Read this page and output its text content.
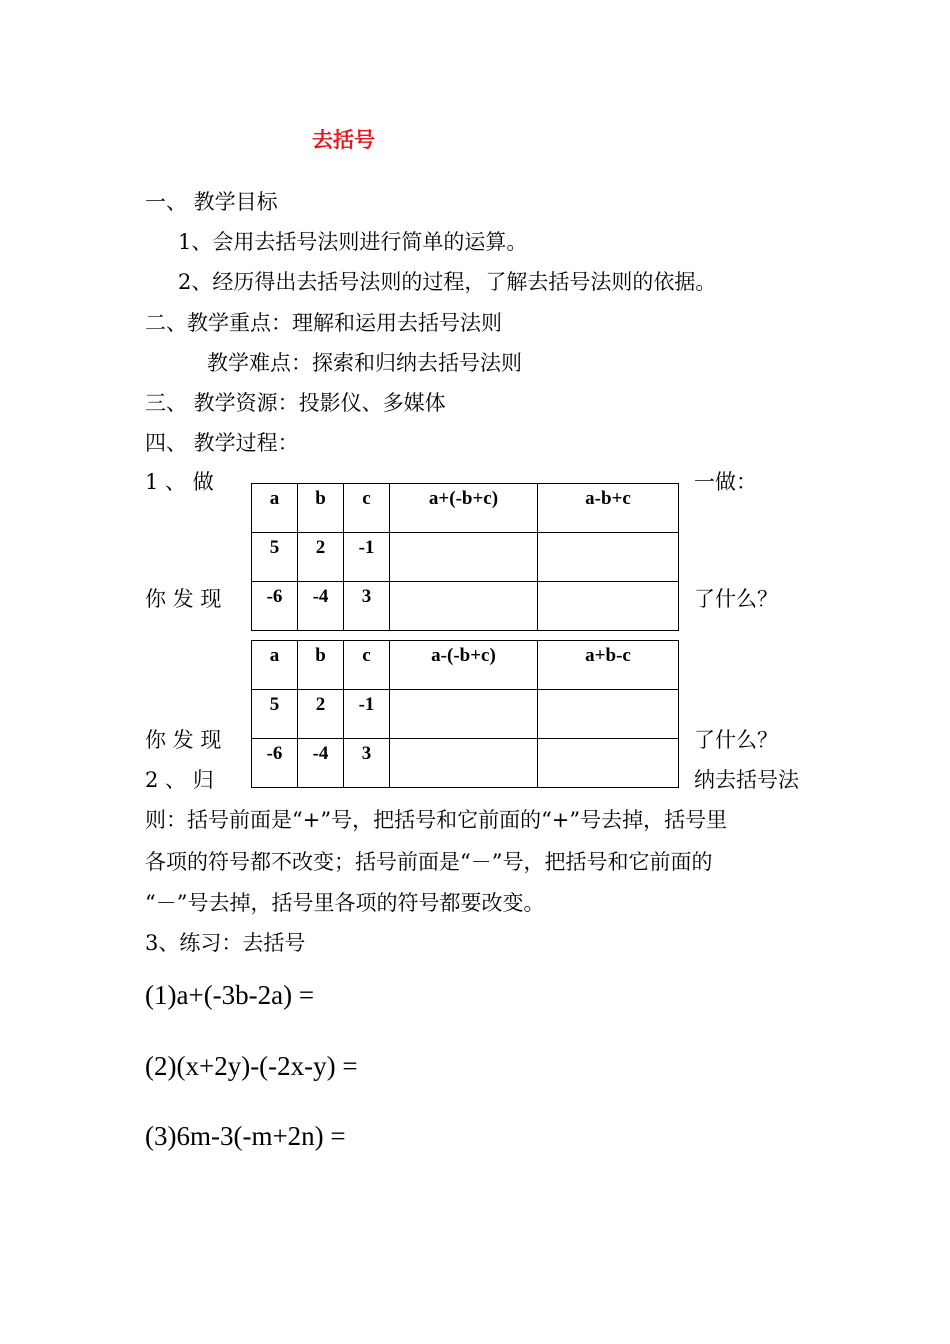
去括号
一、 教学目标
1、会用去括号法则进行简单的运算。
2、经历得出去括号法则的过程，了解去括号法则的依据。
二、教学重点：理解和运用去括号法则
教学难点：探索和归纳去括号法则
三、 教学资源：投影仪、多媒体
四、 教学过程：
1 、 做	一做：
你 发 现	了什么？
你 发 现	了什么？
2 、 归	纳去括号法
a	b	c	a+(-b+c)	a-b+c
5	2	-1		
-6	-4	3		
a	b	c	a-(-b+c)	a+b-c
5	2	-1		
-6	-4	3		
则：括号前面是“+”号，把括号和它前面的“+”号去掉，括号里
各项的符号都不改变；括号前面是“－”号，把括号和它前面的
“－”号去掉，括号里各项的符号都要改变。
3、练习：去括号
(1)a+(-3b-2a) =
(2)(x+2y)-(-2x-y) =
(3)6m-3(-m+2n) =
